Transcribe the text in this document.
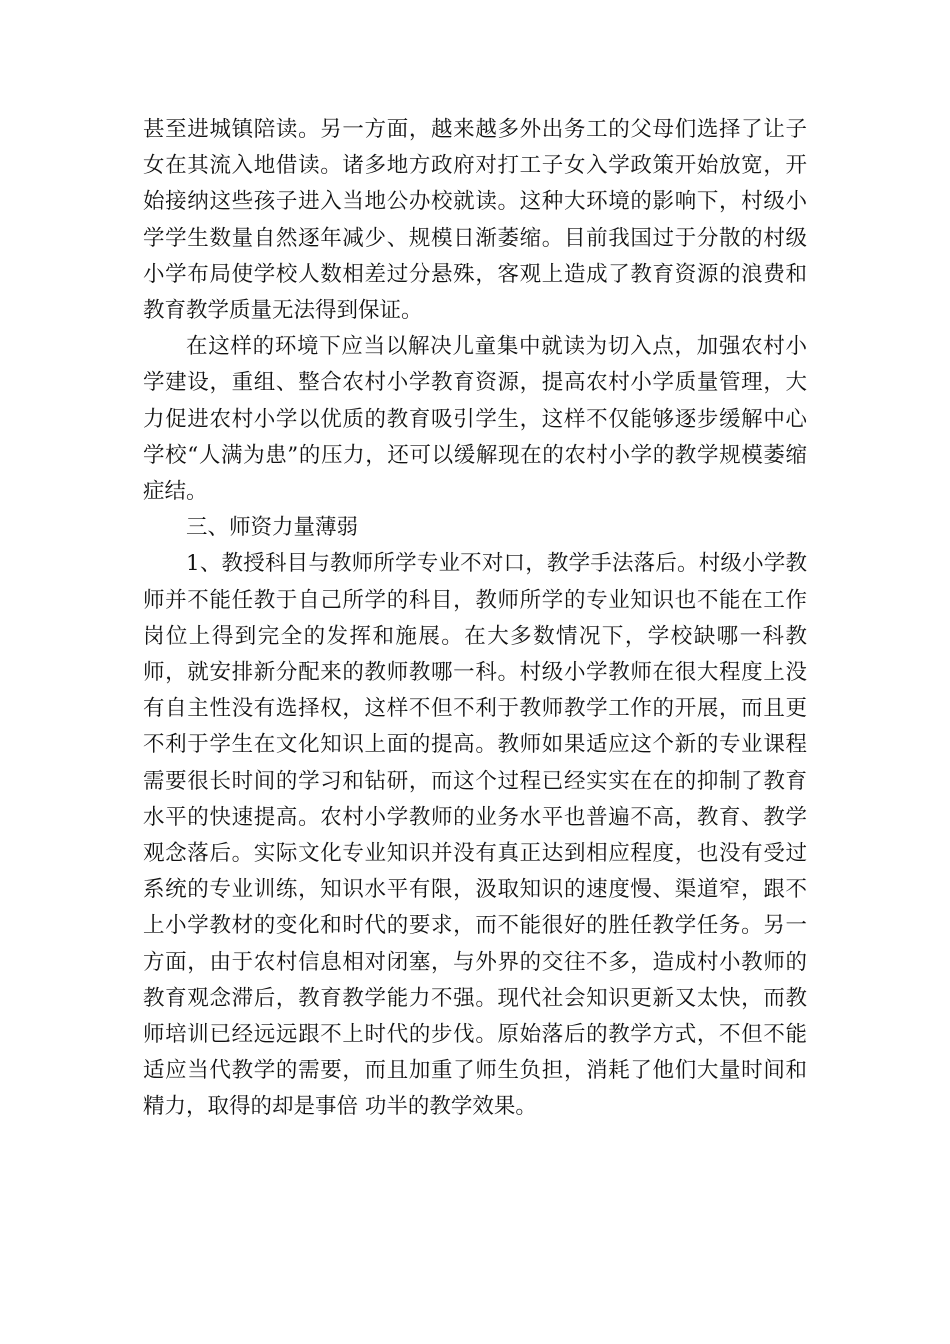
甚至进城镇陪读。另一方面，越来越多外出务工的父母们选择了让子女在其流入地借读。诸多地方政府对打工子女入学政策开始放宽，开始接纳这些孩子进入当地公办校就读。这种大环境的影响下，村级小学学生数量自然逐年减少、规模日渐萎缩。目前我国过于分散的村级小学布局使学校人数相差过分悬殊，客观上造成了教育资源的浪费和教育教学质量无法得到保证。

在这样的环境下应当以解决儿童集中就读为切入点，加强农村小学建设，重组、整合农村小学教育资源，提高农村小学质量管理，大力促进农村小学以优质的教育吸引学生，这样不仅能够逐步缓解中心学校“人满为患”的压力，还可以缓解现在的农村小学的教学规模萎缩症结。

三、师资力量薄弱

1、教授科目与教师所学专业不对口，教学手法落后。村级小学教师并不能任教于自己所学的科目，教师所学的专业知识也不能在工作岗位上得到完全的发挥和施展。在大多数情况下，学校缺哪一科教师，就安排新分配来的教师教哪一科。村级小学教师在很大程度上没有自主性没有选择权，这样不但不利于教师教学工作的开展，而且更不利于学生在文化知识上面的提高。教师如果适应这个新的专业课程需要很长时间的学习和钻研，而这个过程已经实实在在的抑制了教育水平的快速提高。农村小学教师的业务水平也普遍不高，教育、教学观念落后。实际文化专业知识并没有真正达到相应程度，也没有受过系统的专业训练，知识水平有限，汲取知识的速度慢、渠道窄，跟不上小学教材的变化和时代的要求，而不能很好的胜任教学任务。另一方面，由于农村信息相对闭塞，与外界的交往不多，造成村小教师的教育观念滞后，教育教学能力不强。现代社会知识更新又太快，而教师培训已经远远跟不上时代的步伐。原始落后的教学方式，不但不能适应当代教学的需要，而且加重了师生负担，消耗了他们大量时间和精力，取得的却是事倍 功半的教学效果。
